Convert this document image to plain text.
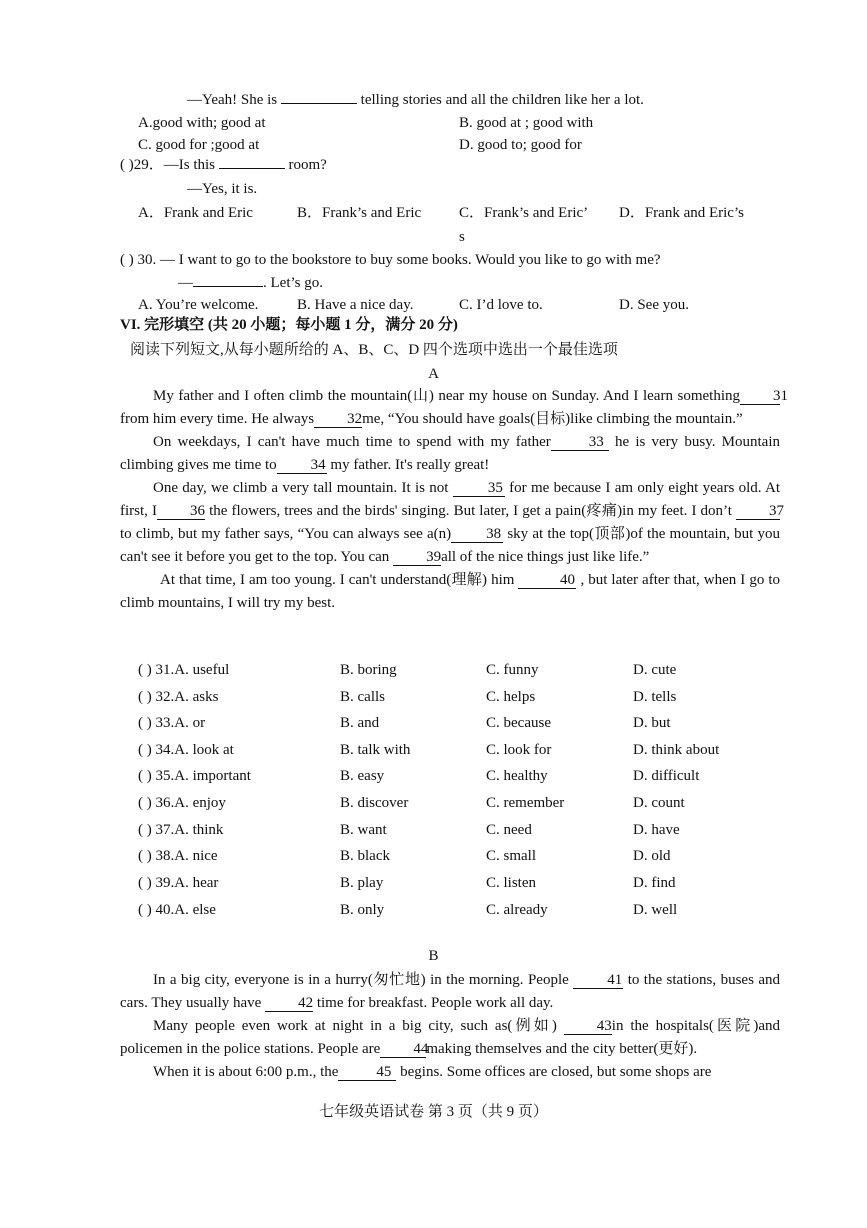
—Yeah! She is	telling stories and all the children like her a lot.
A.good with; good at	B. good at ; good with
C. good for ;good at	D. good to; good for
( )29．—Is this	room?
—Yes, it is.
A．Frank and Eric	B．Frank’s and Eric	C．Frank’s and Eric’ D．Frank and Eric’s
s
( ) 30. — I want to go to the bookstore to buy some books. Would you like to go with me?
—	. Let’s go.
A. You’re welcome.	B. Have a nice day.	C. I’d love to.	D. See you.
VI. 完形填空 (共 20 小题；每小题 1 分，满分 20 分)
阅读下列短文,从每小题所给的 A、B、C、D 四个选项中选出一个最佳选项
A

My father and I often climb the mountain(山) near my house on Sunday. And I learn something 31from him every time. He always 32me, “You should have goals(目标)like climbing the mountain.”

On weekdays, I can't have much time to spend with my father	33 he is very busy. Mountain climbing gives me time to 34 my father. It's really great!

One day, we climb a very tall mountain. It is not	35 for me because I am only eight years old. At first, I 36 the flowers, trees and the birds' singing. But later, I get a pain(疼痛)in my feet. I don’t 37to climb, but my father says, “You can always see a(n) 38 sky at the top(顶部)of the mountain, but you can't see it before you get to the top. You can 39all of the nice things just like life.”

At that time, I am too young. I can't understand(理解) him	40 , but later after that, when I go to climb mountains, I will try my best.

( ) 31.A. useful	B. boring	C. funny	D. cute
( ) 32.A. asks	B. calls	C. helps	D. tells
( ) 33.A. or	B. and	C. because	D. but
( ) 34.A. look at	B. talk with	C. look for	D. think about
( ) 35.A. important	B. easy	C. healthy	D. difficult
( ) 36.A. enjoy	B. discover	C. remember	D. count
( ) 37.A. think	B. want	C. need	D. have
( ) 38.A. nice	B. black	C. small	D. old
( ) 39.A. hear	B. play	C. listen	D. find
( ) 40.A. else	B. only	C. already	D. well
B

In a big city, everyone is in a hurry(匆忙地) in the morning. People	41 to the stations, buses and cars. They usually have 42 time for breakfast. People work all day.

Many people even work at night in a big city, such as(例如)	43in the hospitals(医院)and policemen in the police stations. People are 44making themselves and the city better(更好).

When it is about 6:00 p.m., the	45 begins. Some offices are closed, but some shops are

七年级英语试卷 第 3 页（共 9 页）
